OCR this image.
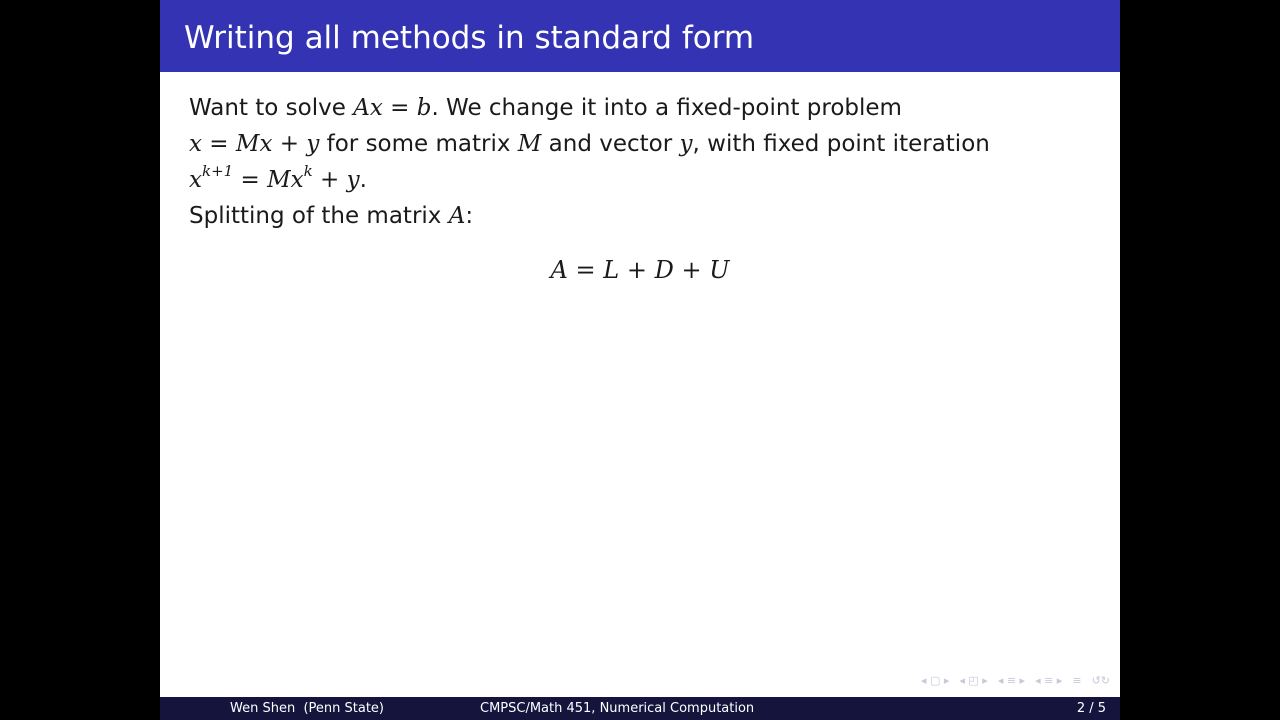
Writing all methods in standard form
Want to solve Ax = b. We change it into a fixed-point problem
x = Mx + y for some matrix M and vector y, with fixed point iteration
$x^{k+1} = Mx^k + y$.
Splitting of the matrix A:
A = L + D + U
◂ ▢ ▸ ◂ ◰ ▸ ◂ ≡ ▸ ◂ ≡ ▸ ≡ ↺↻
Wen Shen  (Penn State)	CMPSC/Math 451, Numerical Computation	2 / 5
